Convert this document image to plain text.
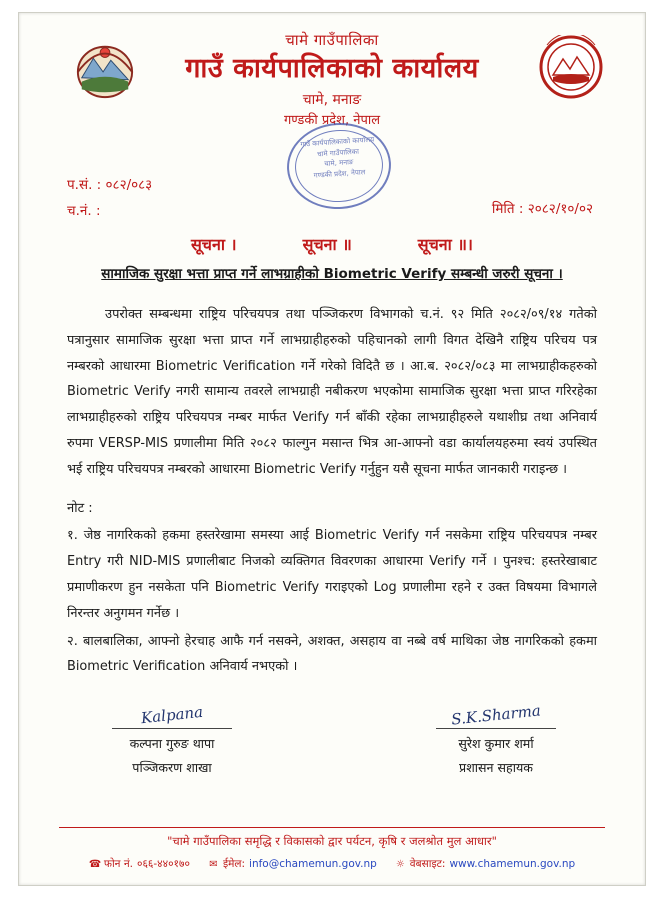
चामे गाउँपालिका
गाउँ कार्यपालिकाको कार्यालय
चामे, मनाङ
गण्डकी प्रदेश, नेपाल
गाउँ कार्यपालिकाको कार्यालय
चामे गाउँपालिका
चामे, मनाङ
गण्डकी प्रदेश, नेपाल
प.सं. : ०८२/०८३
च.नं. :	मिति : २०८२/१०/०२
सूचना ।	सूचना ॥	सूचना ॥।
सामाजिक सुरक्षा भत्ता प्राप्त गर्ने लाभग्राहीको Biometric Verify सम्बन्धी जरुरी सूचना ।

उपरोक्त सम्बन्धमा राष्ट्रिय परिचयपत्र तथा पञ्जिकरण विभागको च.नं. ९२ मिति २०८२/०९/१४ गतेको पत्रानुसार सामाजिक सुरक्षा भत्ता प्राप्त गर्ने लाभग्राहीहरुको पहिचानको लागी विगत देखिनै राष्ट्रिय परिचय पत्र नम्बरको आधारमा Biometric Verification गर्ने गरेको विदितै छ । आ.ब. २०८२/०८३ मा लाभग्राहीकहरुको Biometric Verify नगरी सामान्य तवरले लाभग्राही नबीकरण भएकोमा सामाजिक सुरक्षा भत्ता प्राप्त गरिरहेका लाभग्राहीहरुको राष्ट्रिय परिचयपत्र नम्बर मार्फत Verify गर्न बाँकी रहेका लाभग्राहीहरुले यथाशीघ्र तथा अनिवार्य रुपमा VERSP-MIS प्रणालीमा मिति २०८२ फाल्गुन मसान्त भित्र आ-आफ्नो वडा कार्यालयहरुमा स्वयं उपस्थित भई राष्ट्रिय परिचयपत्र नम्बरको आधारमा Biometric Verify गर्नुहुन यसै सूचना मार्फत जानकारी गराइन्छ ।

नोट :

१. जेष्ठ नागरिकको हकमा हस्तरेखामा समस्या आई Biometric Verify गर्न नसकेमा राष्ट्रिय परिचयपत्र नम्बर Entry गरी NID-MIS प्रणालीबाट निजको व्यक्तिगत विवरणका आधारमा Verify गर्ने । पुनश्च: हस्तरेखाबाट प्रमाणीकरण हुन नसकेता पनि Biometric Verify गराइएको Log प्रणालीमा रहने र उक्त विषयमा विभागले निरन्तर अनुगमन गर्नेछ ।

२. बालबालिका, आफ्नो हेरचाह आफै गर्न नसक्ने, अशक्त, असहाय वा नब्बे वर्ष माथिका जेष्ठ नागरिकको हकमा Biometric Verification अनिवार्य नभएको ।

Kalpana
कल्पना गुरुङ थापा
पञ्जिकरण शाखा
S.K.Sharma
सुरेश कुमार शर्मा
प्रशासन सहायक
"चामे गाउँपालिका समृद्धि र विकासको द्वार पर्यटन, कृषि र जलश्रोत मुल आधार"
☎ फोन नं. ०६६-४४०१७० ✉ ईमेल: info@chamemun.gov.np ☼ वेबसाइट: www.chamemun.gov.np
